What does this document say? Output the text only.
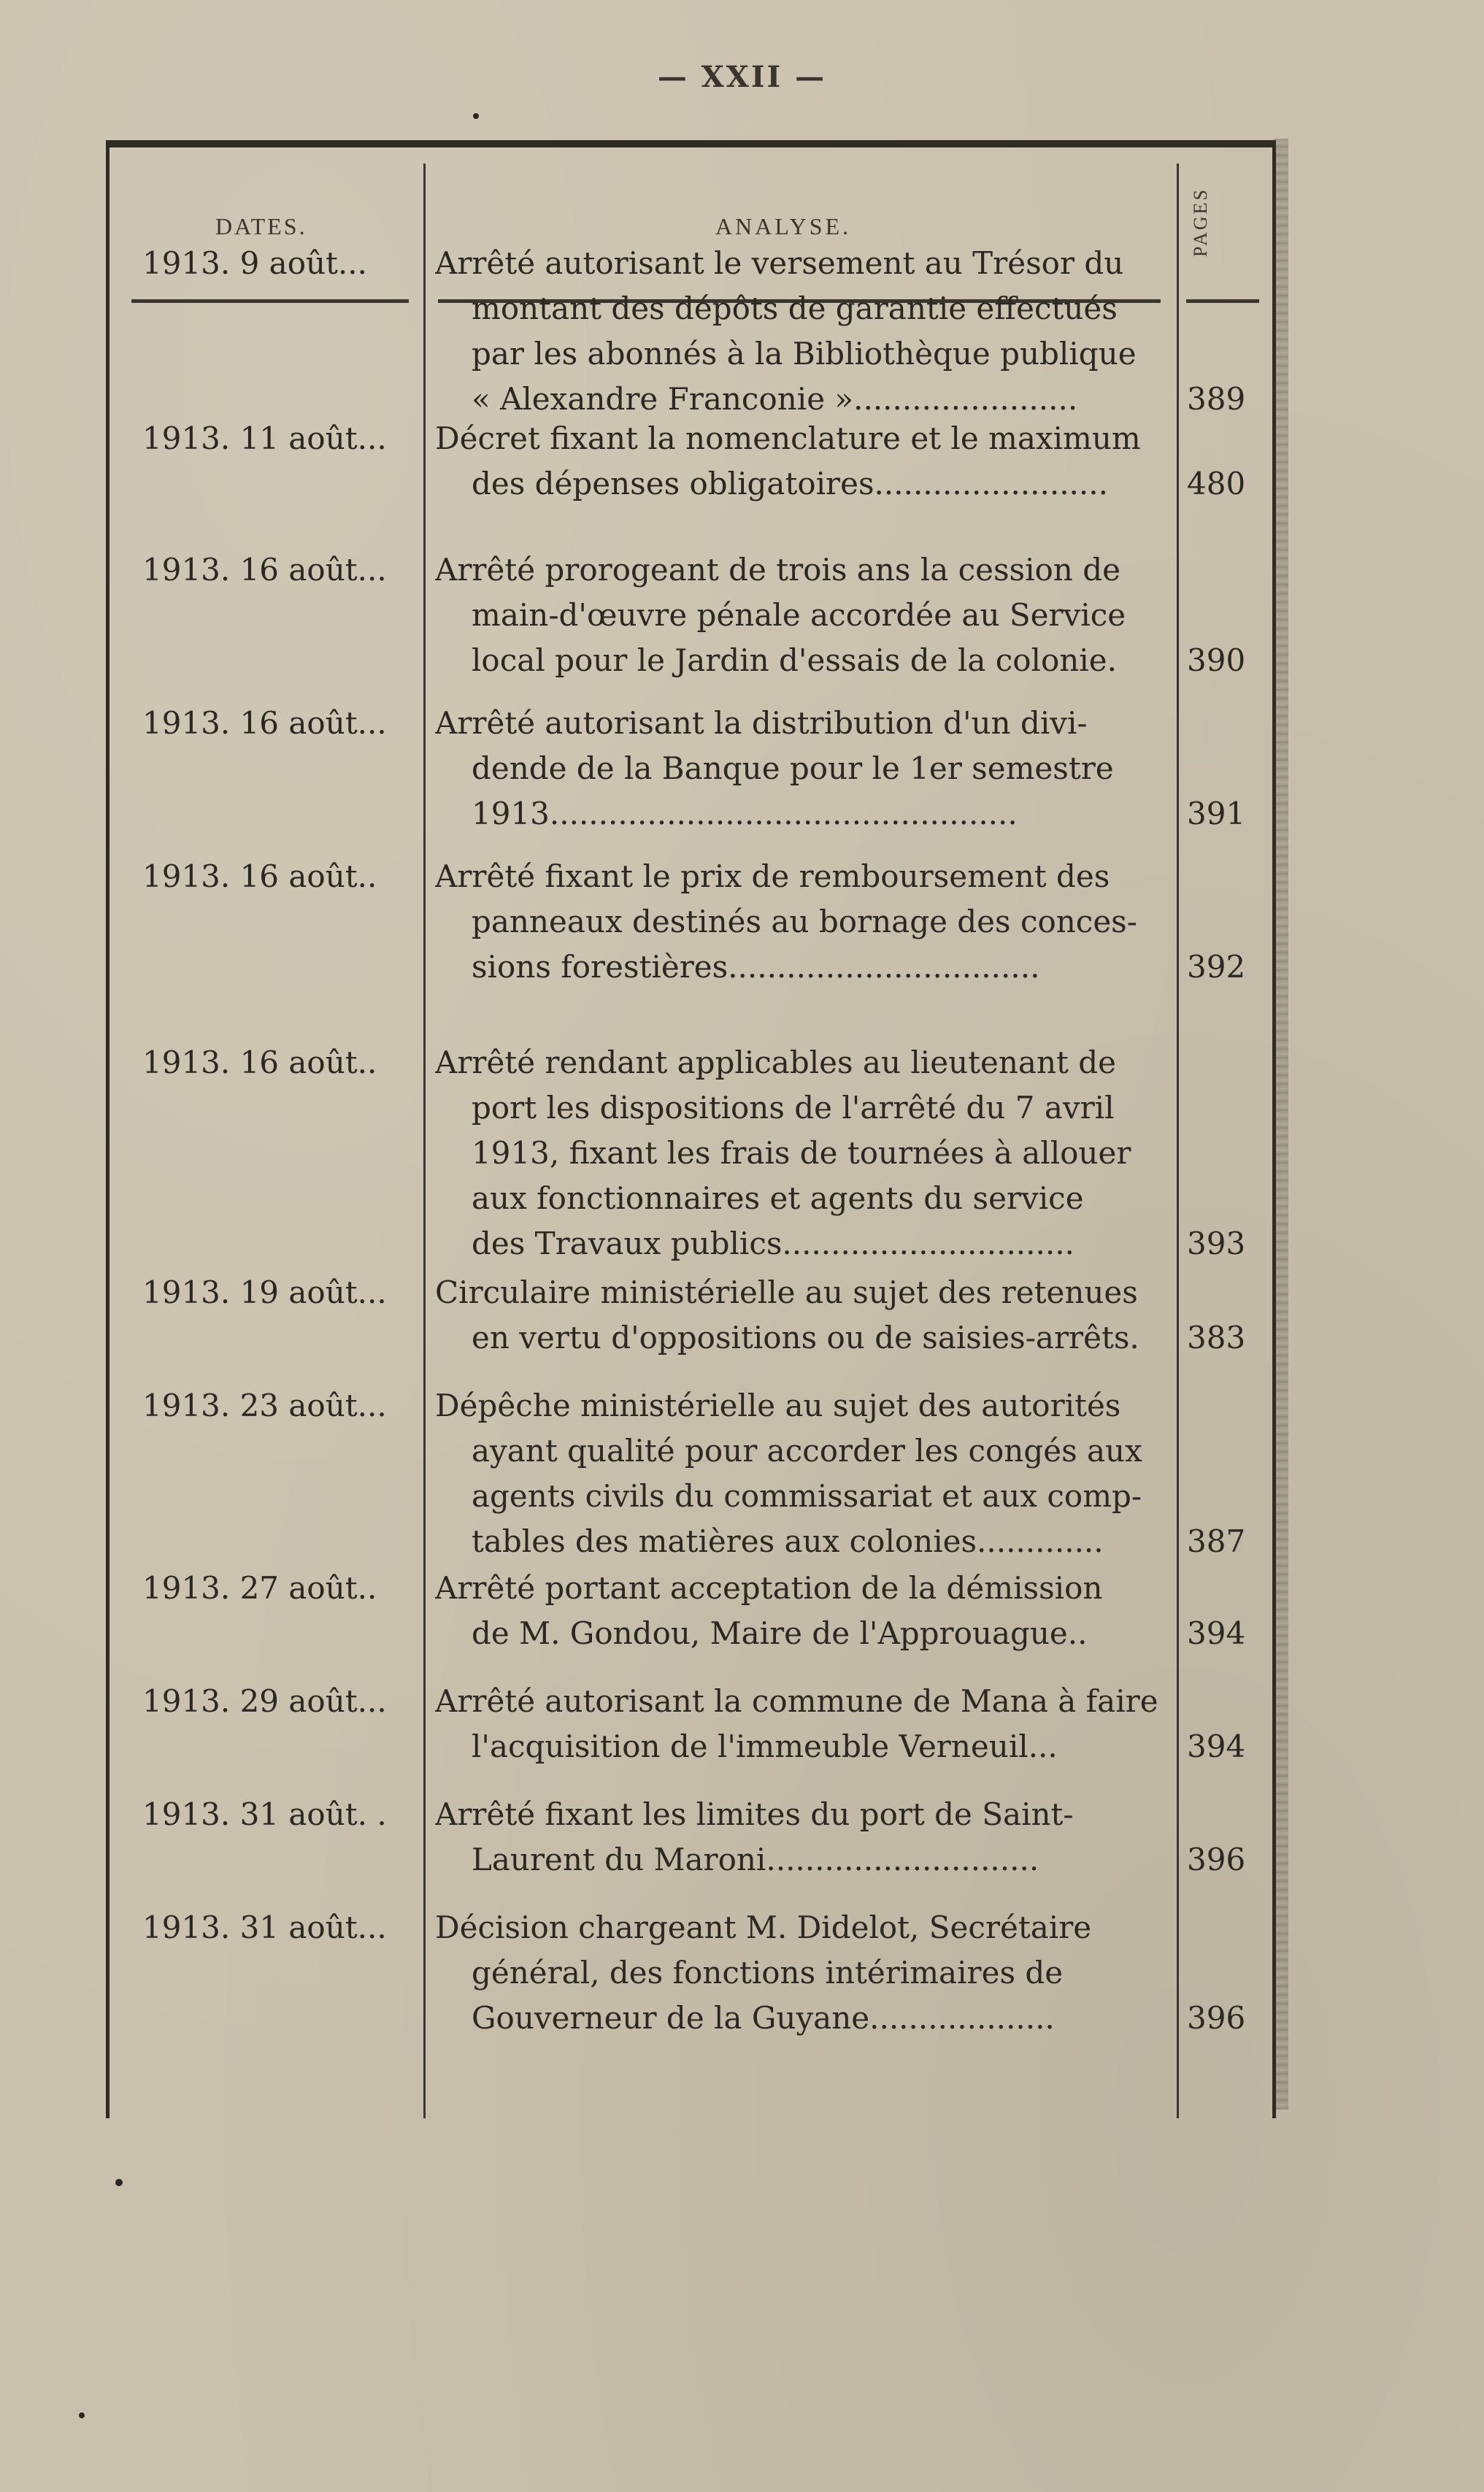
— XXII —
DATES.	ANALYSE.	PAGES
1913. 9 août...	Arrêté autorisant le versement au Trésor du
montant des dépôts de garantie effectués
par les abonnés à la Bibliothèque publique
« Alexandre Franconie ».......................	389
1913. 11 août...	Décret fixant la nomenclature et le maximum
des dépenses obligatoires........................	480
1913. 16 août...	Arrêté prorogeant de trois ans la cession de
main-d'œuvre pénale accordée au Service
local pour le Jardin d'essais de la colonie.	390
1913. 16 août...	Arrêté autorisant la distribution d'un divi-
dende de la Banque pour le 1er semestre
1913................................................	391
1913. 16 août..	Arrêté fixant le prix de remboursement des
panneaux destinés au bornage des conces-
sions forestières................................	392
1913. 16 août..	Arrêté rendant applicables au lieutenant de
port les dispositions de l'arrêté du 7 avril
1913, fixant les frais de tournées à allouer
aux fonctionnaires et agents du service
des Travaux publics..............................	393
1913. 19 août...	Circulaire ministérielle au sujet des retenues
en vertu d'oppositions ou de saisies-arrêts.	383
1913. 23 août...	Dépêche ministérielle au sujet des autorités
ayant qualité pour accorder les congés aux
agents civils du commissariat et aux comp-
tables des matières aux colonies.............	387
1913. 27 août..	Arrêté portant acceptation de la démission
de M. Gondou, Maire de l'Approuague..	394
1913. 29 août...	Arrêté autorisant la commune de Mana à faire
l'acquisition de l'immeuble Verneuil...	394
1913. 31 août. .	Arrêté fixant les limites du port de Saint-
Laurent du Maroni............................	396
1913. 31 août...	Décision chargeant M. Didelot, Secrétaire
général, des fonctions intérimaires de
Gouverneur de la Guyane...................	396
